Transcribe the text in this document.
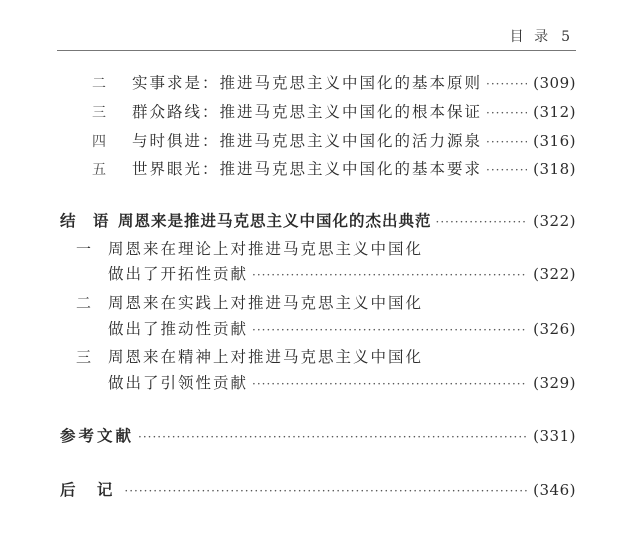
目 录 5
二	实事求是：推进马克思主义中国化的基本原则 ·····	(309)
三	群众路线：推进马克思主义中国化的根本保证 ·····	(312)
四	与时俱进：推进马克思主义中国化的活力源泉 ·····	(316)
五	世界眼光：推进马克思主义中国化的基本要求 ·····	(318)
结 语 周恩来是推进马克思主义中国化的杰出典范 ·····	(322)
一	周恩来在理论上对推进马克思主义中国化
做出了开拓性贡献 ·····	(322)
二	周恩来在实践上对推进马克思主义中国化
做出了推动性贡献 ·····	(326)
三	周恩来在精神上对推进马克思主义中国化
做出了引领性贡献 ·····	(329)
参考文献 ·····	(331)
后 记 ·····	(346)
